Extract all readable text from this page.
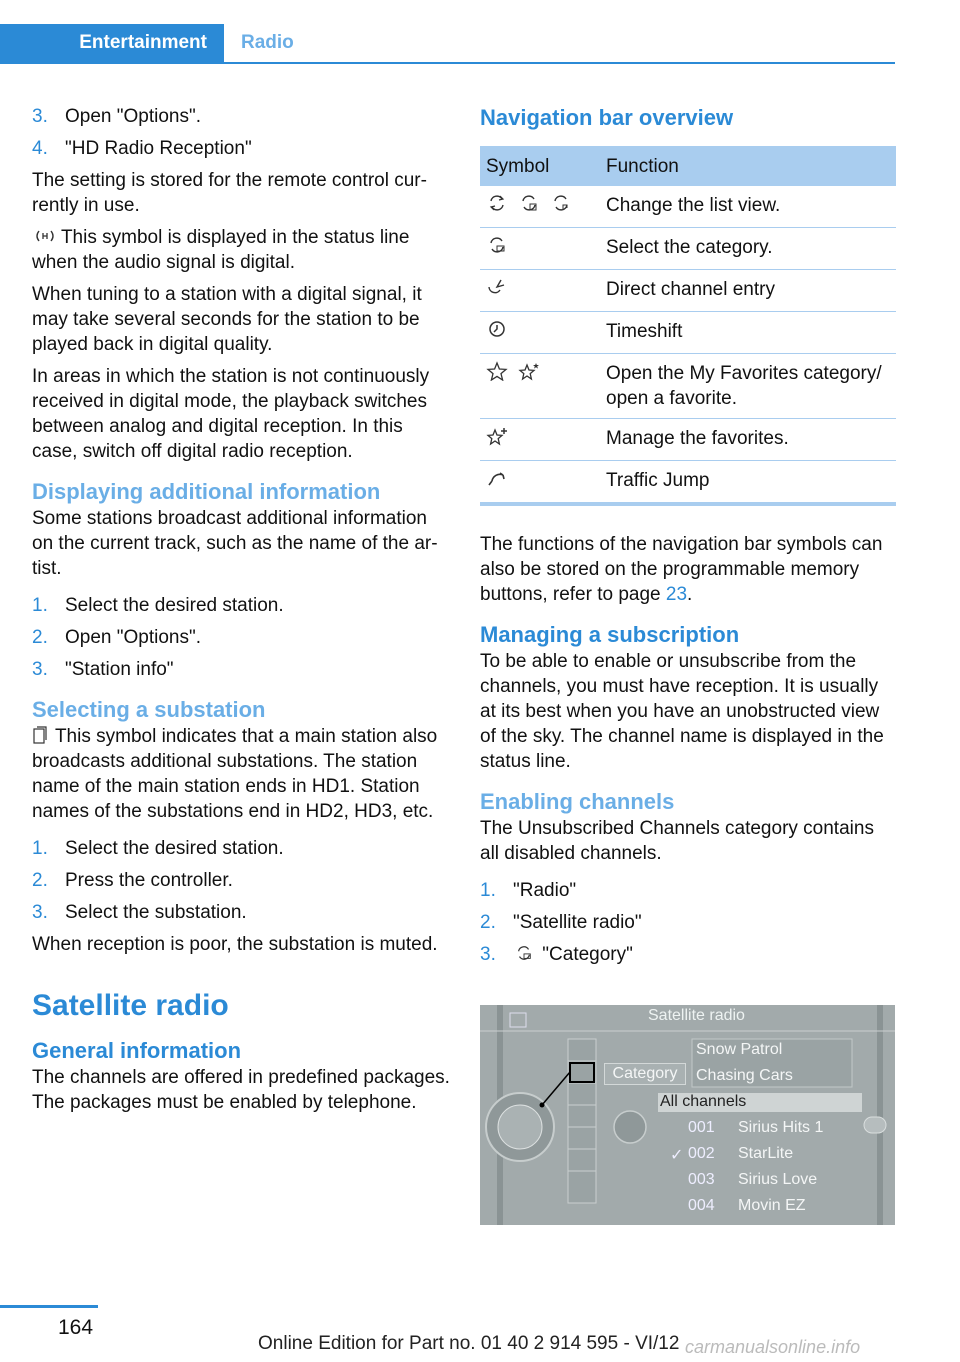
Entertainment	Radio
3. Open "Options".
4. "HD Radio Reception"

The setting is stored for the remote control currently in use.

This symbol is displayed in the status line when the audio signal is digital.

When tuning to a station with a digital signal, it may take several seconds for the station to be played back in digital quality.

In areas in which the station is not continuously received in digital mode, the playback switches between analog and digital reception. In this case, switch off digital radio reception.

Displaying additional information

Some stations broadcast additional information on the current track, such as the name of the artist.

1. Select the desired station.
2. Open "Options".
3. "Station info"
Selecting a substation

This symbol indicates that a main station also broadcasts additional substations. The station name of the main station ends in HD1. Station names of the substations end in HD2, HD3, etc.

1. Select the desired station.
2. Press the controller.
3. Select the substation.

When reception is poor, the substation is muted.

Satellite radio
General information

The channels are offered in predefined packages. The packages must be enabled by telephone.

Navigation bar overview
Symbol	Function
	Change the list view.
	Select the category.
	Direct channel entry
	Timeshift
	Open the My Favorites category/ open a favorite.
	Manage the favorites.
	Traffic Jump

The functions of the navigation bar symbols can also be stored on the programmable memory buttons, refer to page 23.

Managing a subscription

To be able to enable or unsubscribe from the channels, you must have reception. It is usually at its best when you have an unobstructed view of the sky. The channel name is displayed in the status line.

Enabling channels

The Unsubscribed Channels category contains all disabled channels.

1. "Radio"
2. "Satellite radio"
3. "Category"
Satellite radio
Category
Snow Patrol
Chasing Cars
All channels
001 Sirius Hits 1
✓ 002 StarLite
003 Sirius Love
004 Movin EZ
164
Online Edition for Part no. 01 40 2 914 595 - VI/12 carmanualsonline.info
